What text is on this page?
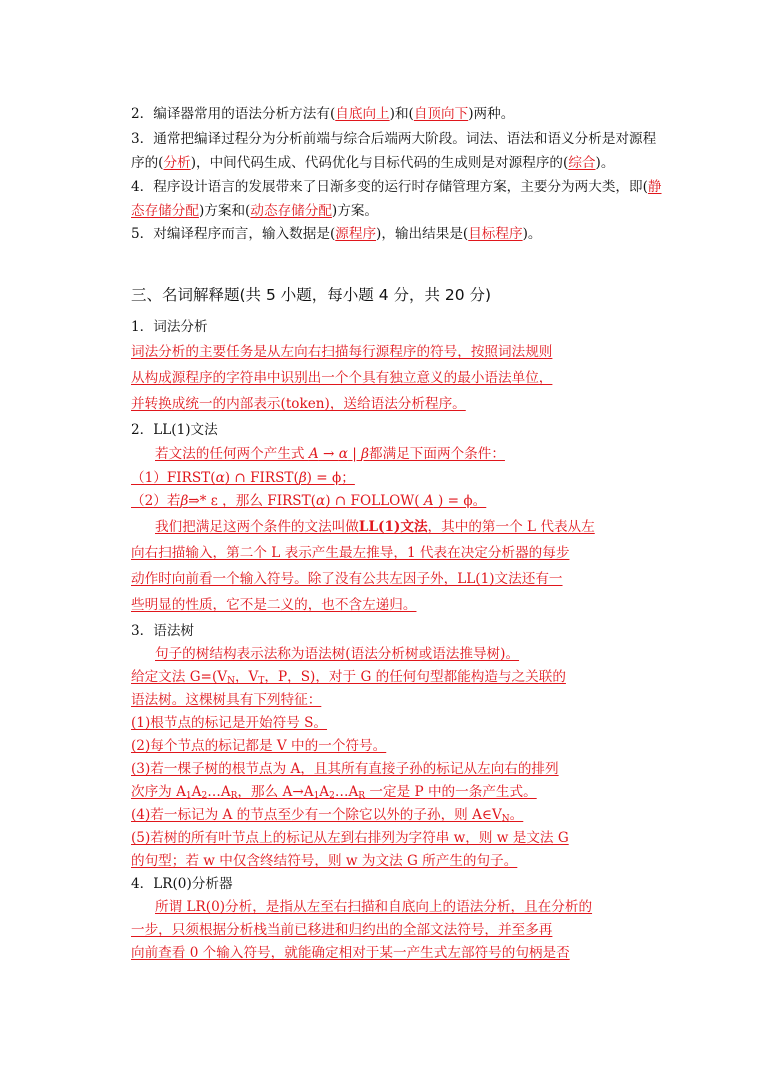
2．编译器常用的语法分析方法有(自底向上)和(自顶向下)两种。
3．通常把编译过程分为分析前端与综合后端两大阶段。词法、语法和语义分析是对源程
序的(分析)，中间代码生成、代码优化与目标代码的生成则是对源程序的(综合)。
4．程序设计语言的发展带来了日渐多变的运行时存储管理方案，主要分为两大类，即(静
态存储分配)方案和(动态存储分配)方案。
5．对编译程序而言，输入数据是(源程序)，输出结果是(目标程序)。
三、名词解释题(共 5 小题，每小题 4 分，共 20 分)
1．词法分析
词法分析的主要任务是从左向右扫描每行源程序的符号，按照词法规则
从构成源程序的字符串中识别出一个个具有独立意义的最小语法单位，
并转换成统一的内部表示(token)，送给语法分析程序。
2．LL(1)文法
若文法的任何两个产生式 A → α | β都满足下面两个条件：
（1）FIRST(α) ∩ FIRST(β) = ϕ；
（2）若β⇒* ε ，那么 FIRST(α) ∩ FOLLOW( A ) = ϕ。
我们把满足这两个条件的文法叫做LL(1)文法，其中的第一个 L 代表从左
向右扫描输入，第二个 L 表示产生最左推导，1 代表在决定分析器的每步
动作时向前看一个输入符号。除了没有公共左因子外，LL(1)文法还有一
些明显的性质，它不是二义的，也不含左递归。
3．语法树
句子的树结构表示法称为语法树(语法分析树或语法推导树)。
给定文法 $G=(V_N$，$V_T$，P，S)，对于 G 的任何句型都能构造与之关联的
语法树。这棵树具有下列特征：
(1)根节点的标记是开始符号 S。
(2)每个节点的标记都是 V 中的一个符号。
(3)若一棵子树的根节点为 A，且其所有直接子孙的标记从左向右的排列
次序为 $A_1A_2\dots A_R$，那么 $A\to A_1A_2\dots A_R$ 一定是 P 中的一条产生式。
(4)若一标记为 A 的节点至少有一个除它以外的子孙，则 $A\in V_N$。
(5)若树的所有叶节点上的标记从左到右排列为字符串 w，则 w 是文法 G
的句型；若 w 中仅含终结符号，则 w 为文法 G 所产生的句子。
4．LR(0)分析器
所谓 LR(0)分析，是指从左至右扫描和自底向上的语法分析，且在分析的
一步，只须根据分析栈当前已移进和归约出的全部文法符号，并至多再
向前查看 0 个输入符号，就能确定相对于某一产生式左部符号的句柄是否
